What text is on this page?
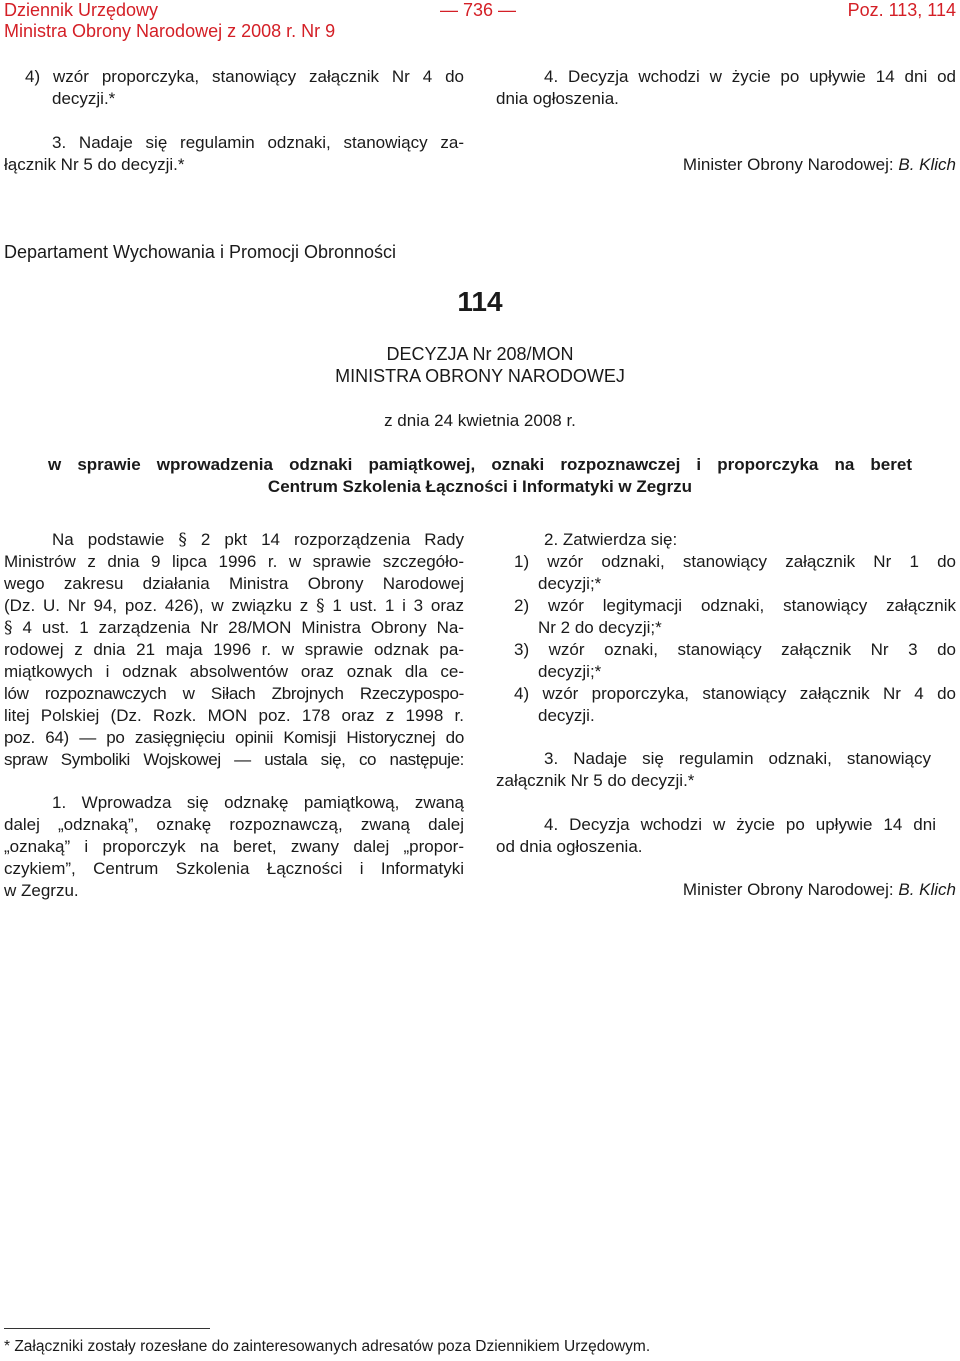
Dziennik Urzędowy
Ministra Obrony Narodowej z 2008 r. Nr 9
— 736 —	Poz. 113, 114
4) wzór proporczyka, stanowiący załącznik Nr 4 do
decyzji.*
3. Nadaje się regulamin odznaki, stanowiący za-
łącznik Nr 5 do decyzji.*
4. Decyzja wchodzi w życie po upływie 14 dni od
dnia ogłoszenia.
Minister Obrony Narodowej: B. Klich
Departament Wychowania i Promocji Obronności
114
DECYZJA Nr 208/MON
MINISTRA OBRONY NARODOWEJ
z dnia 24 kwietnia 2008 r.
w sprawie wprowadzenia odznaki pamiątkowej, oznaki rozpoznawczej i proporczyka na beret
Centrum Szkolenia Łączności i Informatyki w Zegrzu
Na podstawie § 2 pkt 14 rozporządzenia Rady
Ministrów z dnia 9 lipca 1996 r. w sprawie szczegóło-
wego zakresu działania Ministra Obrony Narodowej
(Dz. U. Nr 94, poz. 426), w związku z § 1 ust. 1 i 3 oraz
§ 4 ust. 1 zarządzenia Nr 28/MON Ministra Obrony Na-
rodowej z dnia 21 maja 1996 r. w sprawie odznak pa-
miątkowych i odznak absolwentów oraz oznak dla ce-
lów rozpoznawczych w Siłach Zbrojnych Rzeczypospo-
litej Polskiej (Dz. Rozk. MON poz. 178 oraz z 1998 r.
poz. 64) — po zasięgnięciu opinii Komisji Historycznej do
spraw Symboliki Wojskowej — ustala się, co następuje:
1. Wprowadza się odznakę pamiątkową, zwaną
dalej „odznaką”, oznakę rozpoznawczą, zwaną dalej
„oznaką” i proporczyk na beret, zwany dalej „propor-
czykiem”, Centrum Szkolenia Łączności i Informatyki
w Zegrzu.
2. Zatwierdza się:
1) wzór odznaki, stanowiący załącznik Nr 1 do
decyzji;*
2) wzór legitymacji odznaki, stanowiący załącznik
Nr 2 do decyzji;*
3) wzór oznaki, stanowiący załącznik Nr 3 do
decyzji;*
4) wzór proporczyka, stanowiący załącznik Nr 4 do
decyzji.
3. Nadaje się regulamin odznaki, stanowiący
załącznik Nr 5 do decyzji.*
4. Decyzja wchodzi w życie po upływie 14 dni
od dnia ogłoszenia.
Minister Obrony Narodowej: B. Klich
* Załączniki zostały rozesłane do zainteresowanych adresatów poza Dziennikiem Urzędowym.
